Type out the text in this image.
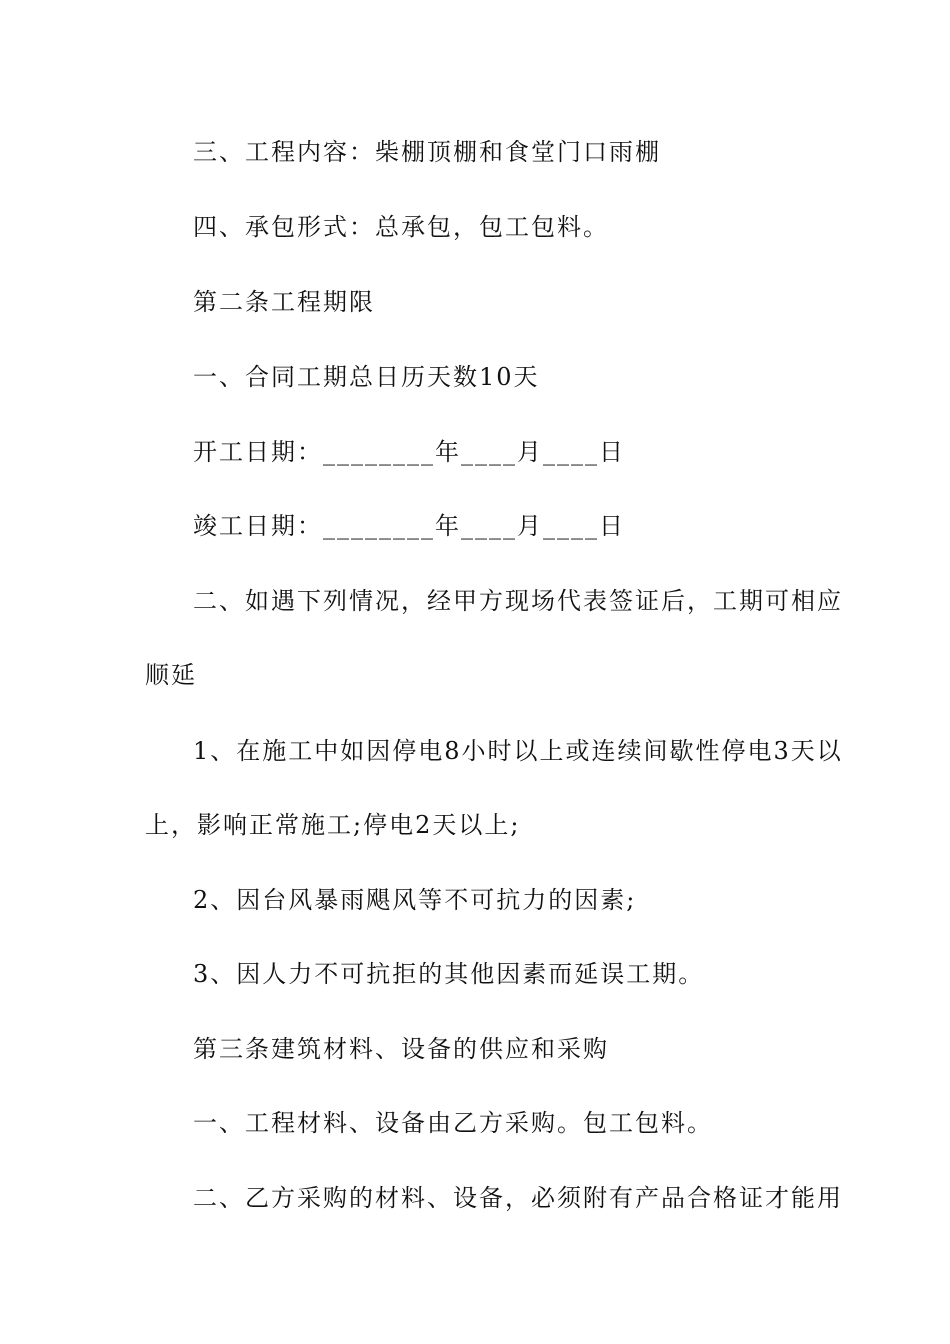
三、工程内容：柴棚顶棚和食堂门口雨棚
四、承包形式：总承包，包工包料。
第二条工程期限
一、合同工期总日历天数10天
开工日期：________年____月____日
竣工日期：________年____月____日
二、如遇下列情况，经甲方现场代表签证后，工期可相应
顺延
1、在施工中如因停电8小时以上或连续间歇性停电3天以
上，影响正常施工;停电2天以上;
2、因台风暴雨飓风等不可抗力的因素;
3、因人力不可抗拒的其他因素而延误工期。
第三条建筑材料、设备的供应和采购
一、工程材料、设备由乙方采购。包工包料。
二、乙方采购的材料、设备，必须附有产品合格证才能用
